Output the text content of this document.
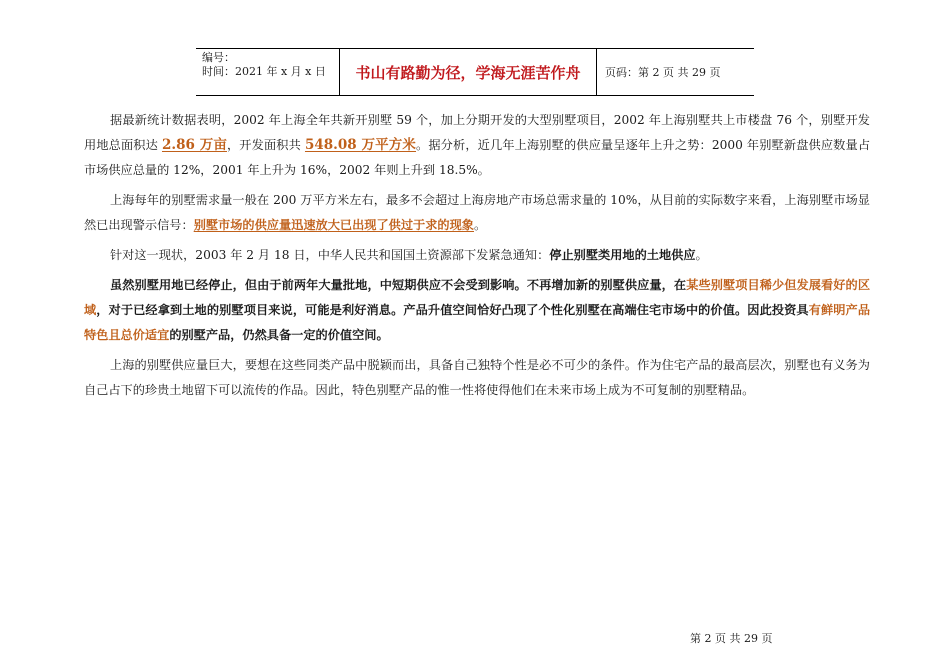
编号：
时间：2021 年 x 月 x 日	书山有路勤为径，学海无涯苦作舟	页码：第 2 页 共 29 页

据最新统计数据表明，2002 年上海全年共新开别墅 59 个，加上分期开发的大型别墅项目，2002 年上海别墅共上市楼盘 76 个，别墅开发用地总面积达 2.86 万亩，开发面积共 548.08 万平方米。据分析，近几年上海别墅的供应量呈逐年上升之势：2000 年别墅新盘供应数量占市场供应总量的 12%，2001 年上升为 16%，2002 年则上升到 18.5%。

上海每年的别墅需求量一般在 200 万平方米左右，最多不会超过上海房地产市场总需求量的 10%，从目前的实际数字来看，上海别墅市场显然已出现警示信号：别墅市场的供应量迅速放大已出现了供过于求的现象。

针对这一现状，2003 年 2 月 18 日，中华人民共和国国土资源部下发紧急通知：停止别墅类用地的土地供应。

虽然别墅用地已经停止，但由于前两年大量批地，中短期供应不会受到影响。不再增加新的别墅供应量，在某些别墅项目稀少但发展看好的区域，对于已经拿到土地的别墅项目来说，可能是利好消息。产品升值空间恰好凸现了个性化别墅在高端住宅市场中的价值。因此投资具有鲜明产品特色且总价适宜的别墅产品，仍然具备一定的价值空间。

上海的别墅供应量巨大，要想在这些同类产品中脱颖而出，具备自己独特个性是必不可少的条件。作为住宅产品的最高层次，别墅也有义务为自己占下的珍贵土地留下可以流传的作品。因此，特色别墅产品的惟一性将使得他们在未来市场上成为不可复制的别墅精品。

第 2 页 共 29 页
